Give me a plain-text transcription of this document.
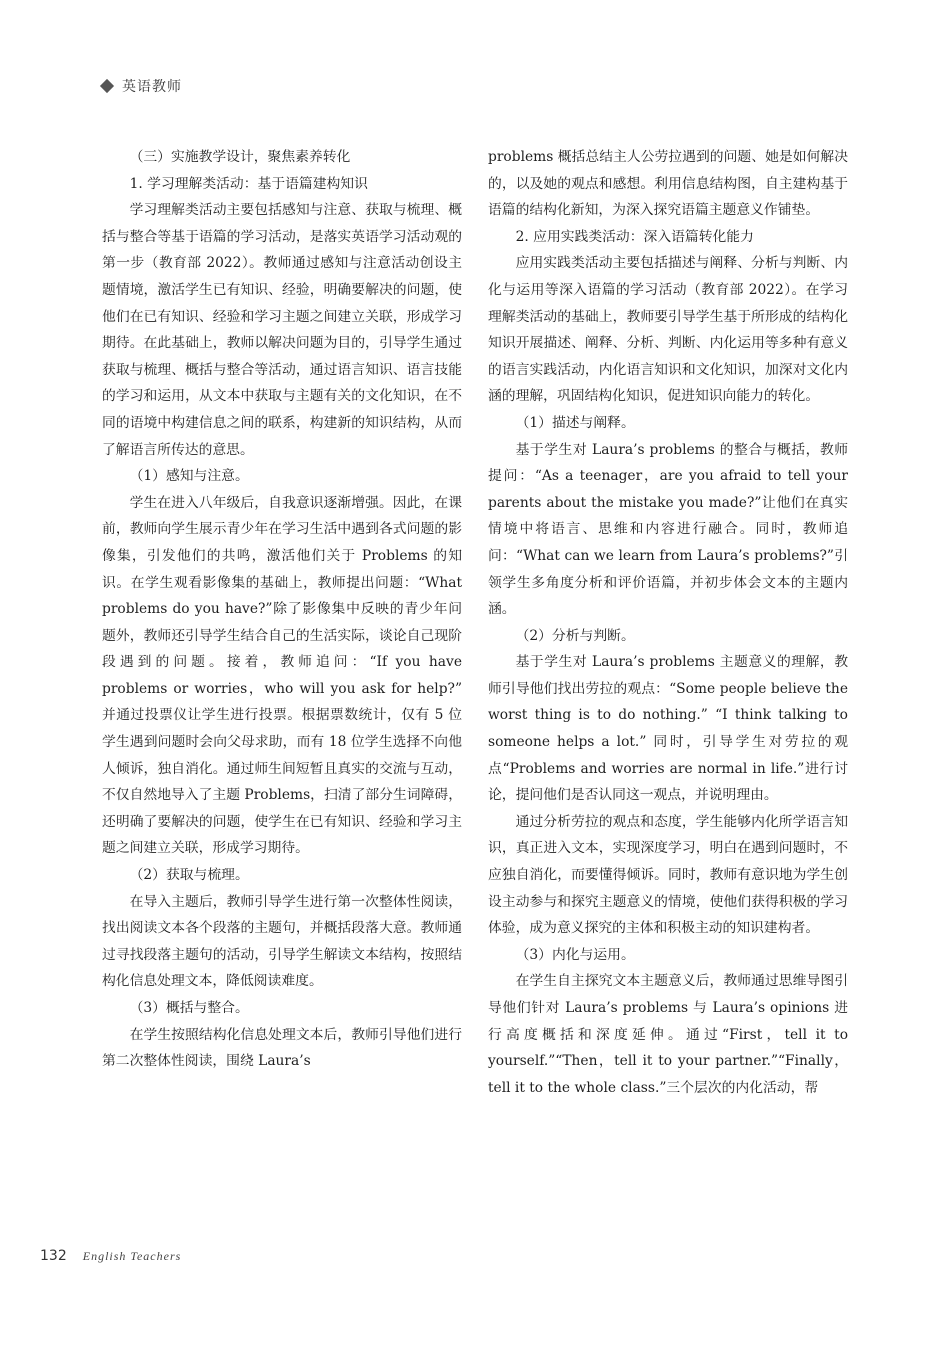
英语教师

（三）实施教学设计，聚焦素养转化

1. 学习理解类活动：基于语篇建构知识

学习理解类活动主要包括感知与注意、获取与梳理、概括与整合等基于语篇的学习活动，是落实英语学习活动观的第一步（教育部 2022）。教师通过感知与注意活动创设主题情境，激活学生已有知识、经验，明确要解决的问题，使他们在已有知识、经验和学习主题之间建立关联，形成学习期待。在此基础上，教师以解决问题为目的，引导学生通过获取与梳理、概括与整合等活动，通过语言知识、语言技能的学习和运用，从文本中获取与主题有关的文化知识，在不同的语境中构建信息之间的联系，构建新的知识结构，从而了解语言所传达的意思。

（1）感知与注意。

学生在进入八年级后，自我意识逐渐增强。因此，在课前，教师向学生展示青少年在学习生活中遇到各式问题的影像集，引发他们的共鸣，激活他们关于 Problems 的知识。在学生观看影像集的基础上，教师提出问题：“What problems do you have?”除了影像集中反映的青少年问题外，教师还引导学生结合自己的生活实际，谈论自己现阶段遇到的问题。接着，教师追问：“If you have problems or worries，who will you ask for help?” 并通过投票仪让学生进行投票。根据票数统计，仅有 5 位学生遇到问题时会向父母求助，而有 18 位学生选择不向他人倾诉，独自消化。通过师生间短暂且真实的交流与互动，不仅自然地导入了主题 Problems，扫清了部分生词障碍，还明确了要解决的问题，使学生在已有知识、经验和学习主题之间建立关联，形成学习期待。

（2）获取与梳理。

在导入主题后，教师引导学生进行第一次整体性阅读，找出阅读文本各个段落的主题句，并概括段落大意。教师通过寻找段落主题句的活动，引导学生解读文本结构，按照结构化信息处理文本，降低阅读难度。

（3）概括与整合。

在学生按照结构化信息处理文本后，教师引导他们进行第二次整体性阅读，围绕 Laura’s

problems 概括总结主人公劳拉遇到的问题、她是如何解决的，以及她的观点和感想。利用信息结构图，自主建构基于语篇的结构化新知，为深入探究语篇主题意义作铺垫。

2. 应用实践类活动：深入语篇转化能力

应用实践类活动主要包括描述与阐释、分析与判断、内化与运用等深入语篇的学习活动（教育部 2022）。在学习理解类活动的基础上，教师要引导学生基于所形成的结构化知识开展描述、阐释、分析、判断、内化运用等多种有意义的语言实践活动，内化语言知识和文化知识，加深对文化内涵的理解，巩固结构化知识，促进知识向能力的转化。

（1）描述与阐释。

基于学生对 Laura’s problems 的整合与概括，教师提问：“As a teenager，are you afraid to tell your parents about the mistake you made?”让他们在真实情境中将语言、思维和内容进行融合。同时，教师追问：“What can we learn from Laura’s problems?”引领学生多角度分析和评价语篇，并初步体会文本的主题内涵。

（2）分析与判断。

基于学生对 Laura’s problems 主题意义的理解，教师引导他们找出劳拉的观点：“Some people believe the worst thing is to do nothing.” “I think talking to someone helps a lot.” 同时，引导学生对劳拉的观点“Problems and worries are normal in life.”进行讨论，提问他们是否认同这一观点，并说明理由。

通过分析劳拉的观点和态度，学生能够内化所学语言知识，真正进入文本，实现深度学习，明白在遇到问题时，不应独自消化，而要懂得倾诉。同时，教师有意识地为学生创设主动参与和探究主题意义的情境，使他们获得积极的学习体验，成为意义探究的主体和积极主动的知识建构者。

（3）内化与运用。

在学生自主探究文本主题意义后，教师通过思维导图引导他们针对 Laura’s problems 与 Laura’s opinions 进行高度概括和深度延伸。通过“First，tell it to yourself.”“Then，tell it to your partner.”“Finally，tell it to the whole class.”三个层次的内化活动，帮

132 English Teachers
